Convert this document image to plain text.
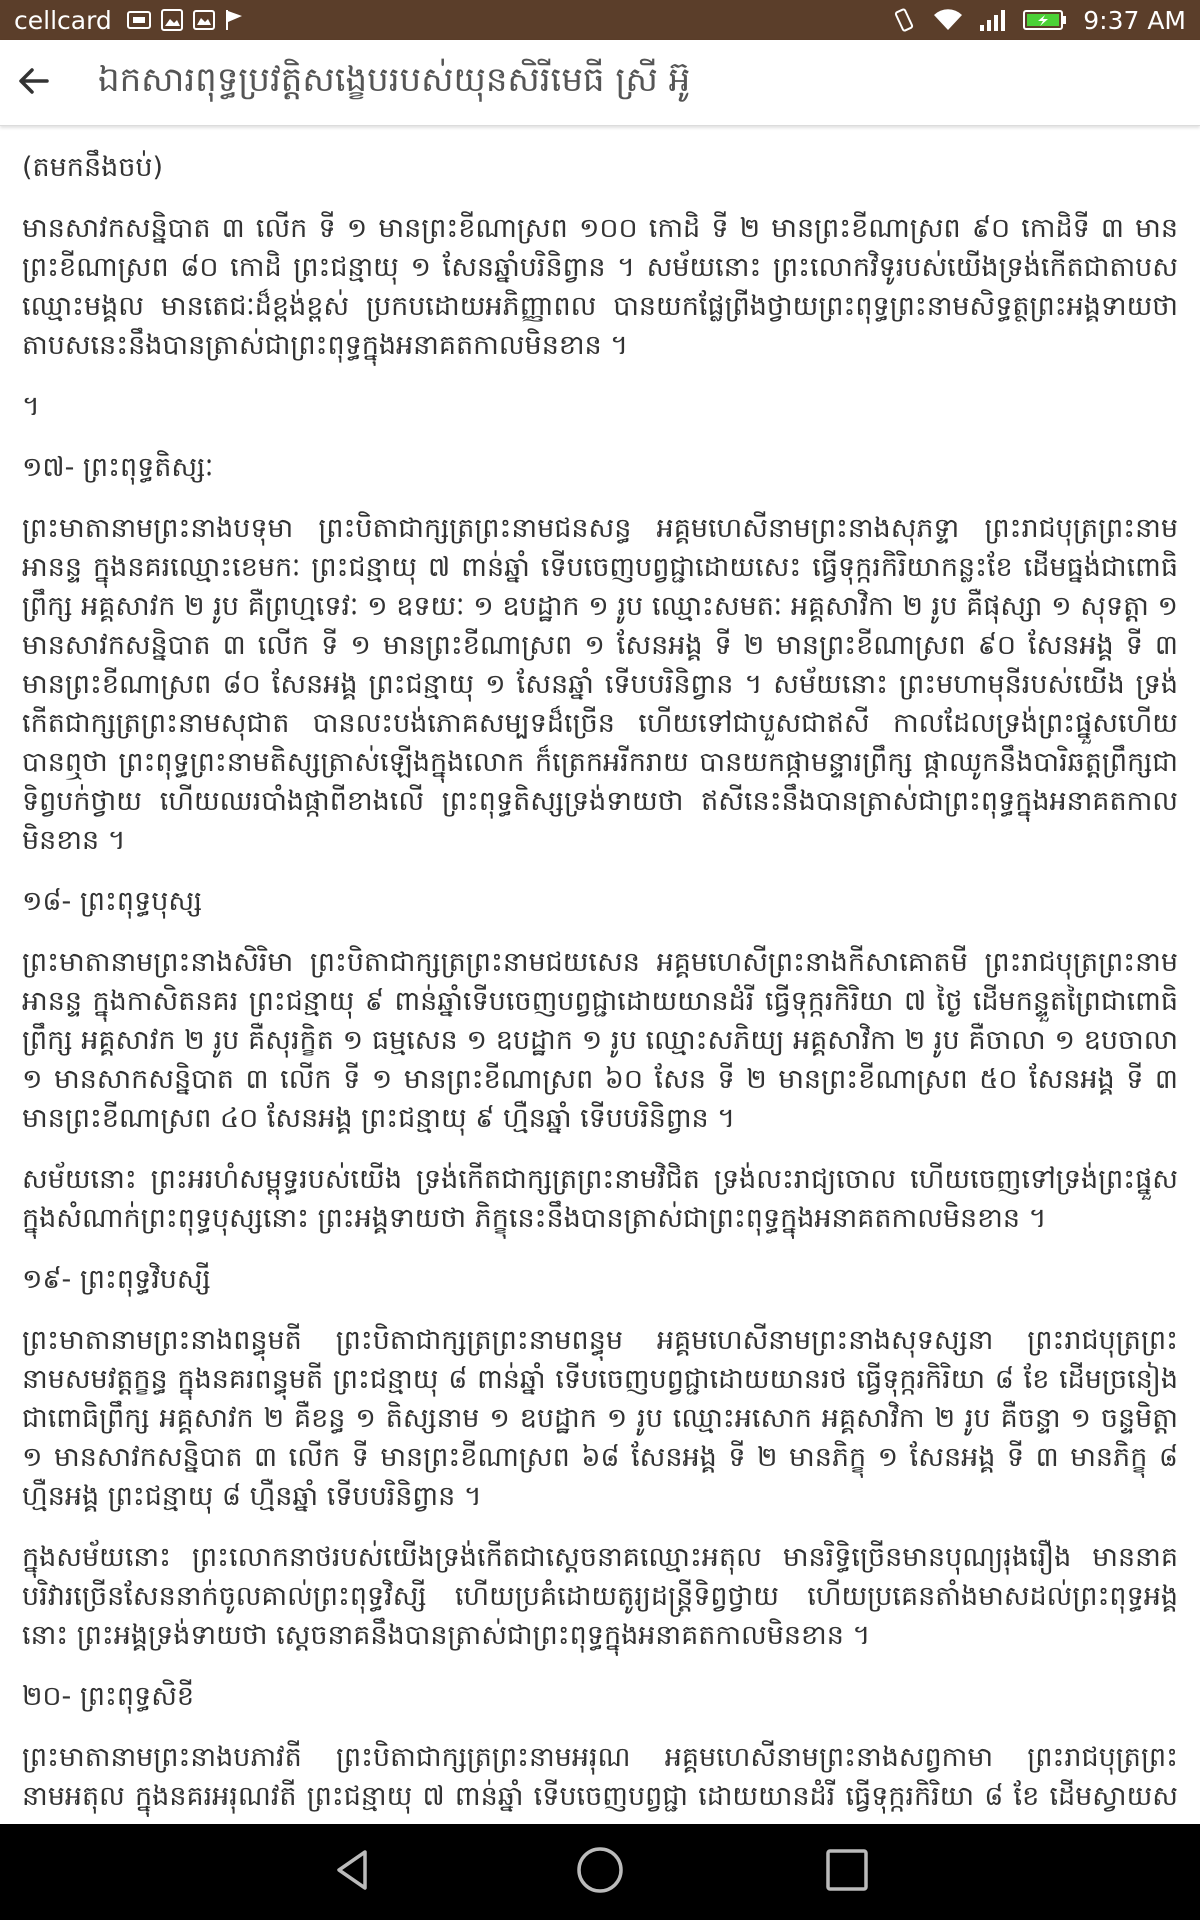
cellcard	9:37 AM
ឯកសារពុទ្ធប្រវត្តិសង្ខេបរបស់យុនសិរីមេធី ស្រី អ៊ូ

(តមកនឹងចប់)

មានសាវកសន្និបាត ៣ លើក ទី ១ មានព្រះខីណាស្រព ១០០ កោដិ ទី ២ មានព្រះខីណាស្រព ៩០ កោដិទី ៣ មានព្រះខីណាស្រព ៨០ កោដិ ព្រះជន្មាយុ ១ សែនឆ្នាំបរិនិព្វាន ។ សម័យនោះ ព្រះលោកវិទូរបស់យើងទ្រង់កើតជាតាបសឈ្មោះមង្គល មានតេជៈដ៏ខ្ពង់ខ្ពស់ ប្រកបដោយអភិញ្ញាពល បានយកផ្លែព្រីងថ្វាយព្រះពុទ្ធព្រះនាមសិទ្ធត្ថព្រះអង្គទាយថា តាបសនេះនឹងបានត្រាស់ជាព្រះពុទ្ធក្នុងអនាគតកាលមិនខាន ។

។

១៧- ព្រះពុទ្ធតិស្សៈ

ព្រះមាតានាមព្រះនាងបទុមា ព្រះបិតាជាក្សត្រព្រះនាមជនសន្ធ អគ្គមហេសីនាមព្រះនាងសុភទ្ទា ព្រះរាជបុត្រព្រះនាមអានន្ទ ក្នុងនគរឈ្មោះខេមកៈ ព្រះជន្មាយុ ៧ ពាន់ឆ្នាំ ទើបចេញបព្វជ្ជាដោយសេះ ធ្វើទុក្ករកិរិយាកន្លះខែ ដើមធ្នង់ជាពោធិព្រឹក្ស អគ្គសាវក ២ រូប គឺព្រហ្មទេវៈ ១ ឧទយៈ ១ ឧបដ្ឋាក ១ រូប ឈ្មោះសមតៈ អគ្គសាវិកា ២ រូប គឺផុស្សា ១ សុទត្តា ១ មានសាវកសន្និបាត ៣ លើក ទី ១ មានព្រះខីណាស្រព ១ សែនអង្គ ទី ២ មានព្រះខីណាស្រព ៩០ សែនអង្គ ទី ៣ មានព្រះខីណាស្រព ៨០ សែនអង្គ ព្រះជន្មាយុ ១ សែនឆ្នាំ ទើបបរិនិព្វាន ។ សម័យនោះ ព្រះមហាមុនីរបស់យើង ទ្រង់កើតជាក្សត្រព្រះនាមសុជាត បានលះបង់ភោគសម្បទដ៏ច្រើន ហើយទៅជាបួសជាឥសី កាលដែលទ្រង់ព្រះផ្នួសហើយបានឮថា ព្រះពុទ្ធព្រះនាមតិស្សត្រាស់ឡើងក្នុងលោក ក៏ត្រេកអរីករាយ បានយកផ្កាមន្ទារព្រឹក្ស ផ្កាឈូកនឹងបារិឆត្តព្រឹក្សជាទិព្វបក់ថ្វាយ ហើយឈរបាំងផ្កាពីខាងលើ ព្រះពុទ្ធតិស្សទ្រង់ទាយថា ឥសីនេះនឹងបានត្រាស់ជាព្រះពុទ្ធក្នុងអនាគតកាលមិនខាន ។

១៨- ព្រះពុទ្ធបុស្ស

ព្រះមាតានាមព្រះនាងសិរិមា ព្រះបិតាជាក្សត្រព្រះនាមជយសេន អគ្គមហេសីព្រះនាងកីសាគោតមី ព្រះរាជបុត្រព្រះនាមអានន្ទ ក្នុងកាសិតនគរ ព្រះជន្មាយុ ៩ ពាន់ឆ្នាំទើបចេញបព្វជ្ជាដោយយានដំរី ធ្វើទុក្ករកិរិយា ៧ ថ្ងៃ ដើមកន្ទួតព្រៃជាពោធិព្រឹក្ស អគ្គសាវក ២ រូប គឺសុរក្ខិត ១ ធម្មសេន ១ ឧបដ្ឋាក ១ រូប ឈ្មោះសភិយ្យ អគ្គសាវិកា ២ រូប គឺចាលា ១ ឧបចាលា ១ មានសាកសន្និបាត ៣ លើក ទី ១ មានព្រះខីណាស្រព ៦០ សែន ទី ២ មានព្រះខីណាស្រព ៥០ សែនអង្គ ទី ៣ មានព្រះខីណាស្រព ៤០ សែនអង្គ ព្រះជន្មាយុ ៩ ហ្មឺនឆ្នាំ ទើបបរិនិព្វាន ។

សម័យនោះ ព្រះអរហំសម្ពុទ្ធរបស់យើង ទ្រង់កើតជាក្សត្រព្រះនាមវិជិត ទ្រង់លះរាជ្យចោល ហើយចេញទៅទ្រង់ព្រះផ្នួសក្នុងសំណាក់ព្រះពុទ្ធបុស្សនោះ ព្រះអង្គទាយថា ភិក្ខុនេះនឹងបានត្រាស់ជាព្រះពុទ្ធក្នុងអនាគតកាលមិនខាន ។

១៩- ព្រះពុទ្ធវិបស្សី

ព្រះមាតានាមព្រះនាងពន្ធុមតី ព្រះបិតាជាក្សត្រព្រះនាមពន្ធុម អគ្គមហេសីនាមព្រះនាងសុទស្សនា ព្រះរាជបុត្រព្រះនាមសមវត្តក្ខន្ធ ក្នុងនគរពន្ធុមតី ព្រះជន្មាយុ ៨ ពាន់ឆ្នាំ ទើបចេញបព្វជ្ជាដោយយានរថ ធ្វើទុក្ករកិរិយា ៨ ខែ ដើមច្រនៀងជាពោធិព្រឹក្ស អគ្គសាវក ២ គឺខន្ធ ១ តិស្សនាម ១ ឧបដ្ឋាក ១ រូប ឈ្មោះអសោក អគ្គសាវិកា ២ រូប គឺចន្ទា ១ ចន្ទមិត្តា ១ មានសាវកសន្និបាត ៣ លើក ទី មានព្រះខីណាស្រព ៦៨ សែនអង្គ ទី ២ មានភិក្ខុ ១ សែនអង្គ ទី ៣ មានភិក្ខុ ៨ ហ្មឺនអង្គ ព្រះជន្មាយុ ៨ ហ្មឺនឆ្នាំ ទើបបរិនិព្វាន ។

ក្នុងសម័យនោះ ព្រះលោកនាថរបស់យើងទ្រង់កើតជាស្តេចនាគឈ្មោះអតុល មានរិទ្ធិច្រើនមានបុណ្យរុងរឿង មាននាគបរិវារច្រើនសែននាក់ចូលគាល់ព្រះពុទ្ធវិស្សី ហើយប្រគំដោយតូរ្យដន្ត្រីទិព្វថ្វាយ ហើយប្រគេនតាំងមាសដល់ព្រះពុទ្ធអង្គនោះ ព្រះអង្គទ្រង់ទាយថា ស្តេចនាគនឹងបានត្រាស់ជាព្រះពុទ្ធក្នុងអនាគតកាលមិនខាន ។

២០- ព្រះពុទ្ធសិខី

ព្រះមាតានាមព្រះនាងបភាវតី ព្រះបិតាជាក្សត្រព្រះនាមអរុណ អគ្គមហេសីនាមព្រះនាងសព្វកាមា ព្រះរាជបុត្រព្រះនាមអតុល ក្នុងនគរអរុណវតី ព្រះជន្មាយុ ៧ ពាន់ឆ្នាំ ទើបចេញបព្វជ្ជា ដោយយានដំរី ធ្វើទុក្ករកិរិយា ៨ ខែ ដើមស្វាយស
